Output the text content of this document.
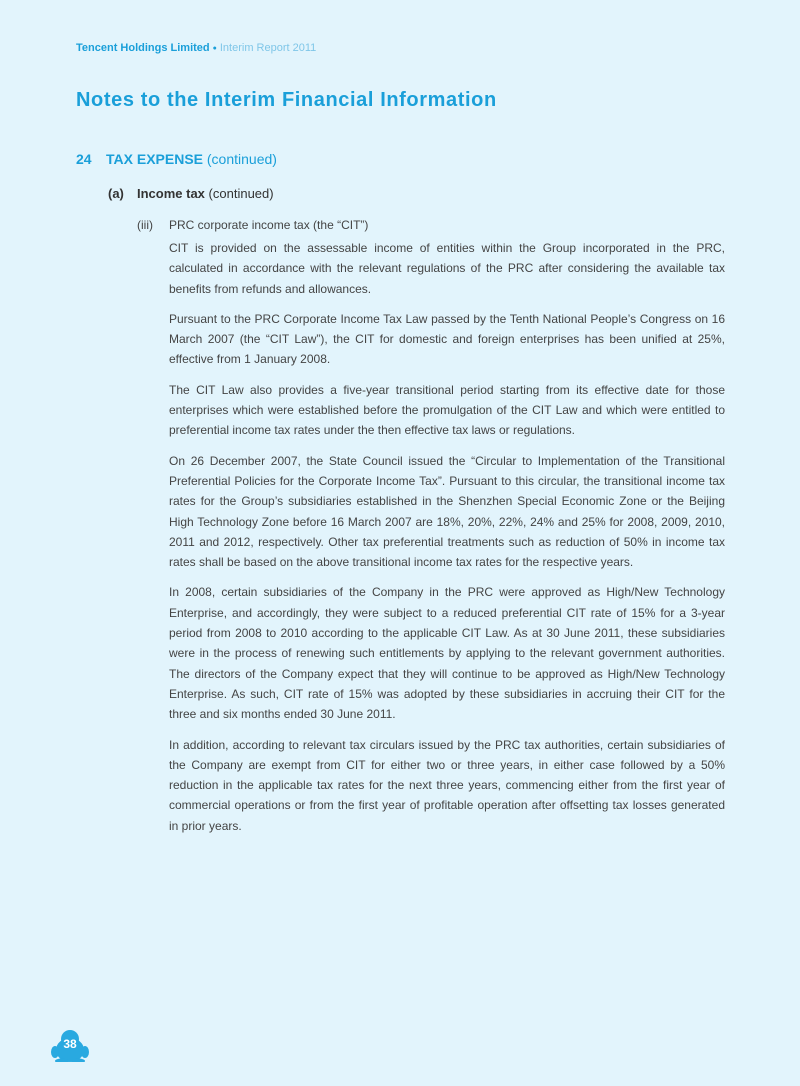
Tencent Holdings Limited ● Interim Report 2011
Notes to the Interim Financial Information
24 TAX EXPENSE (continued)
(a) Income tax (continued)
(iii) PRC corporate income tax (the “CIT”)

CIT is provided on the assessable income of entities within the Group incorporated in the PRC, calculated in accordance with the relevant regulations of the PRC after considering the available tax benefits from refunds and allowances.

Pursuant to the PRC Corporate Income Tax Law passed by the Tenth National People’s Congress on 16 March 2007 (the “CIT Law”), the CIT for domestic and foreign enterprises has been unified at 25%, effective from 1 January 2008.

The CIT Law also provides a five-year transitional period starting from its effective date for those enterprises which were established before the promulgation of the CIT Law and which were entitled to preferential income tax rates under the then effective tax laws or regulations.

On 26 December 2007, the State Council issued the “Circular to Implementation of the Transitional Preferential Policies for the Corporate Income Tax”. Pursuant to this circular, the transitional income tax rates for the Group’s subsidiaries established in the Shenzhen Special Economic Zone or the Beijing High Technology Zone before 16 March 2007 are 18%, 20%, 22%, 24% and 25% for 2008, 2009, 2010, 2011 and 2012, respectively. Other tax preferential treatments such as reduction of 50% in income tax rates shall be based on the above transitional income tax rates for the respective years.

In 2008, certain subsidiaries of the Company in the PRC were approved as High/New Technology Enterprise, and accordingly, they were subject to a reduced preferential CIT rate of 15% for a 3-year period from 2008 to 2010 according to the applicable CIT Law. As at 30 June 2011, these subsidiaries were in the process of renewing such entitlements by applying to the relevant government authorities. The directors of the Company expect that they will continue to be approved as High/New Technology Enterprise. As such, CIT rate of 15% was adopted by these subsidiaries in accruing their CIT for the three and six months ended 30 June 2011.

In addition, according to relevant tax circulars issued by the PRC tax authorities, certain subsidiaries of the Company are exempt from CIT for either two or three years, in either case followed by a 50% reduction in the applicable tax rates for the next three years, commencing either from the first year of commercial operations or from the first year of profitable operation after offsetting tax losses generated in prior years.

38
